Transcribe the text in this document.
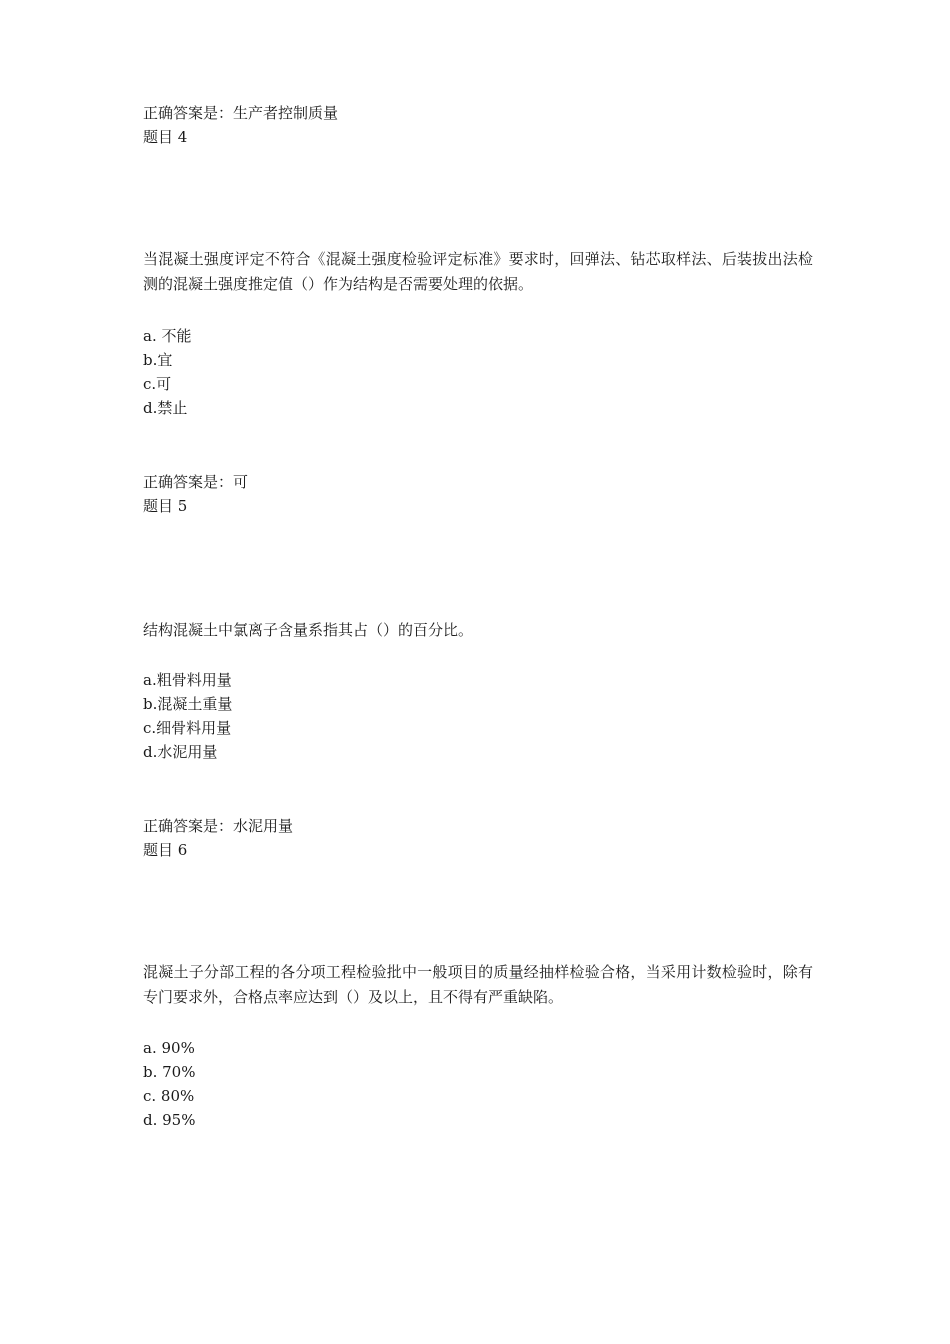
正确答案是：生产者控制质量
题目 4
当混凝土强度评定不符合《混凝土强度检验评定标准》要求时，回弹法、钻芯取样法、后装拔出法检测的混凝土强度推定值（）作为结构是否需要处理的依据。
a. 不能
b.宜
c.可
d.禁止
正确答案是：可
题目 5
结构混凝土中氯离子含量系指其占（）的百分比。
a.粗骨料用量
b.混凝土重量
c.细骨料用量
d.水泥用量
正确答案是：水泥用量
题目 6
混凝土子分部工程的各分项工程检验批中一般项目的质量经抽样检验合格，当采用计数检验时，除有专门要求外，合格点率应达到（）及以上，且不得有严重缺陷。
a. 90%
b. 70%
c. 80%
d. 95%
